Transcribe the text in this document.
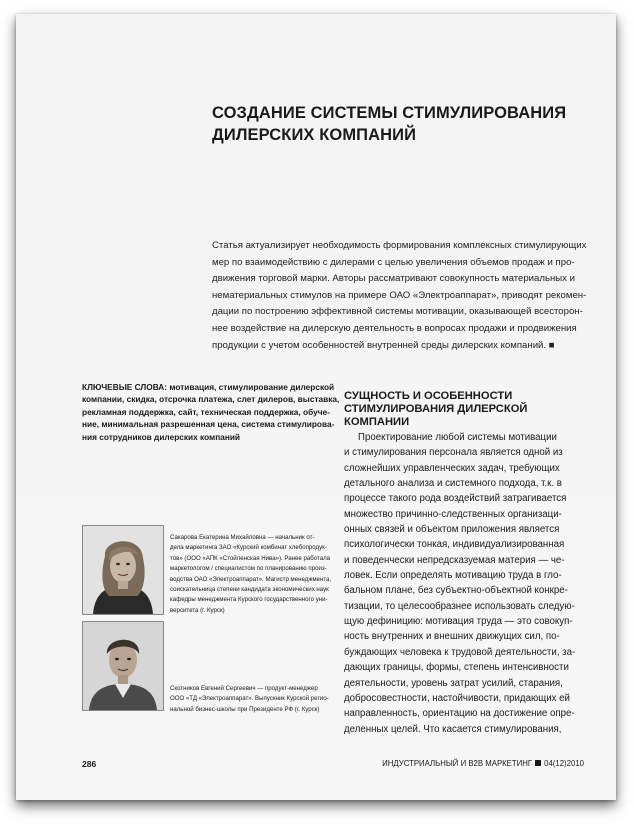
СОЗДАНИЕ СИСТЕМЫ СТИМУЛИРОВАНИЯ
ДИЛЕРСКИХ КОМПАНИЙ
Статья актуализирует необходимость формирования комплексных стимулирующих
мер по взаимодействию с дилерами с целью увеличения объемов продаж и про-
движения торговой марки. Авторы рассматривают совокупность материальных и
нематериальных стимулов на примере ОАО «Электроаппарат», приводят рекомен-
дации по построению эффективной системы мотивации, оказывающей всесторон-
нее воздействие на дилерскую деятельность в вопросах продажи и продвижения
продукции с учетом особенностей внутренней среды дилерских компаний. ■
КЛЮЧЕВЫЕ СЛОВА: мотивация, стимулирование дилерской
компании, скидка, отсрочка платежа, слет дилеров, выставка,
рекламная поддержка, сайт, техническая поддержка, обуче-
ние, минимальная разрешенная цена, система стимулирова-
ния сотрудников дилерских компаний
СУЩНОСТЬ И ОСОБЕННОСТИ
СТИМУЛИРОВАНИЯ ДИЛЕРСКОЙ
КОМПАНИИ
Проектирование любой системы мотивации
и стимулирования персонала является одной из
сложнейших управленческих задач, требующих
детального анализа и системного подхода, т.к. в
процессе такого рода воздействий затрагивается
множество причинно-следственных организаци-
онных связей и объектом приложения является
психологически тонкая, индивидуализированная
и поведенчески непредсказуемая материя — че-
ловек. Если определять мотивацию труда в гло-
бальном плане, без субъектно-объектной конкре-
тизации, то целесообразнее использовать следую-
щую дефиницию: мотивация труда — это совокуп-
ность внутренних и внешних движущих сил, по-
буждающих человека к трудовой деятельности, за-
дающих границы, формы, степень интенсивности
деятельности, уровень затрат усилий, старания,
добросовестности, настойчивости, придающих ей
направленность, ориентацию на достижение опре-
деленных целей. Что касается стимулирования,
Сакарова Екатерина Михайловна — начальник от-
дела маркетинга ЗАО «Курский комбинат хлебопродук-
тов» (ООО «АПК «Стойленская Нива»). Ранее работала
маркетологом / специалистом по планированию произ-
водства ОАО «Электроаппарат». Магистр менеджмента,
соискательница степени кандидата экономических наук
кафедры менеджмента Курского государственного уни-
верситета (г. Курск)
Скотников Евгений Сергеевич — продукт-менеджер
ООО «ТД «Электроаппарат». Выпускник Курской регио-
нальной бизнес-школы при Президенте РФ (г. Курск)
286	ИНДУСТРИАЛЬНЫЙ И B2B МАРКЕТИНГ 04(12)2010
